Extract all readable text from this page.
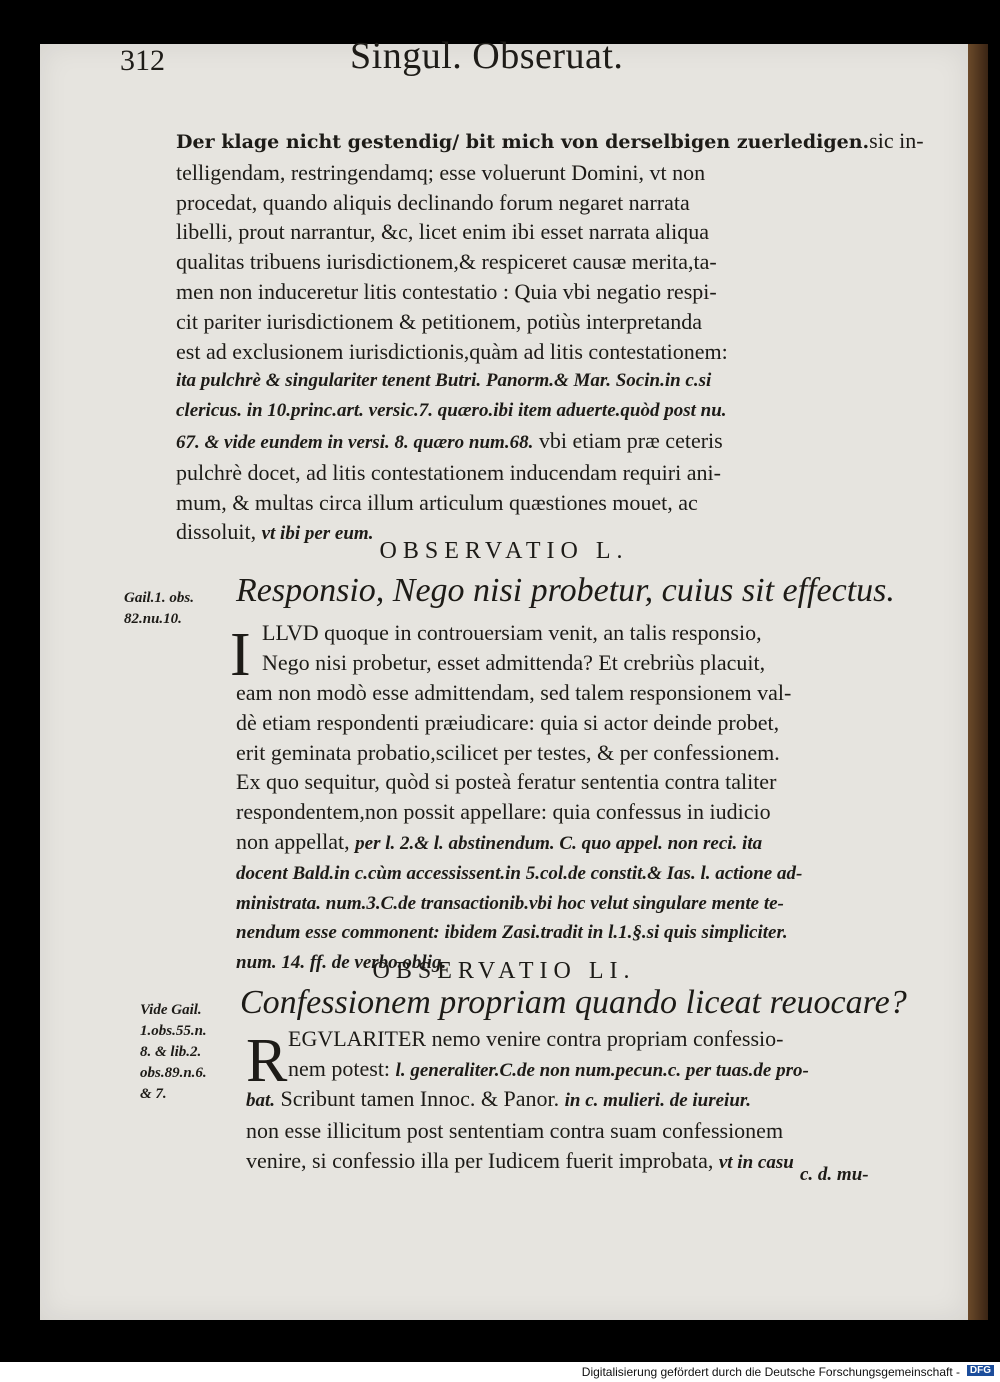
312	Singul. Obseruat.
Der klage nicht gestendig/ bit mich von derselbigen zuerledigen.sic in-
telligendam, restringendamq; esse voluerunt Domini, vt non
procedat, quando aliquis declinando forum negaret narrata
libelli, prout narrantur, &c, licet enim ibi esset narrata aliqua
qualitas tribuens iurisdictionem,& respiceret causæ merita,ta-
men non induceretur litis contestatio : Quia vbi negatio respi-
cit pariter iurisdictionem & petitionem, potiùs interpretanda
est ad exclusionem iurisdictionis,quàm ad litis contestationem:
ita pulchrè & singulariter tenent Butri. Panorm.& Mar. Socin.in c.si
clericus. in 10.princ.art. versic.7. quæro.ibi item aduerte.quòd post nu.
67. & vide eundem in versi. 8. quæro num.68. vbi etiam præ ceteris
pulchrè docet, ad litis contestationem inducendam requiri ani-
mum, & multas circa illum articulum quæstiones mouet, ac
dissoluit, vt ibi per eum.
OBSERVATIO L.
Responsio, Nego nisi probetur, cuius sit effectus.
Gail.1. obs.
82.nu.10.
I LLVD quoque in controuersiam venit, an talis responsio,
Nego nisi probetur, esset admittenda? Et crebriùs placuit,
eam non modò esse admittendam, sed talem responsionem val-
dè etiam respondenti præiudicare: quia si actor deinde probet,
erit geminata probatio,scilicet per testes, & per confessionem.
Ex quo sequitur, quòd si posteà feratur sententia contra taliter
respondentem,non possit appellare: quia confessus in iudicio
non appellat, per l. 2.& l. abstinendum. C. quo appel. non reci. ita
docent Bald.in c.cùm accessissent.in 5.col.de constit.& Ias. l. actione ad-
ministrata. num.3.C.de transactionib.vbi hoc velut singulare mente te-
nendum esse commonent: ibidem Zasi.tradit in l.1.§.si quis simpliciter.
num. 14. ff. de verbo.oblig.
OBSERVATIO LI.
Confessionem propriam quando liceat reuocare?
Vide Gail.
1.obs.55.n.
8. & lib.2.
obs.89.n.6.
& 7.	R EGVLARITER nemo venire contra propriam confessio-
nem potest: l. generaliter.C.de non num.pecun.c. per tuas.de pro-
bat. Scribunt tamen Innoc. & Panor. in c. mulieri. de iureiur.
non esse illicitum post sententiam contra suam confessionem
venire, si confessio illa per Iudicem fuerit improbata, vt in casu
c. d. mu-
Digitalisierung gefördert durch die Deutsche Forschungsgemeinschaft - DFG
